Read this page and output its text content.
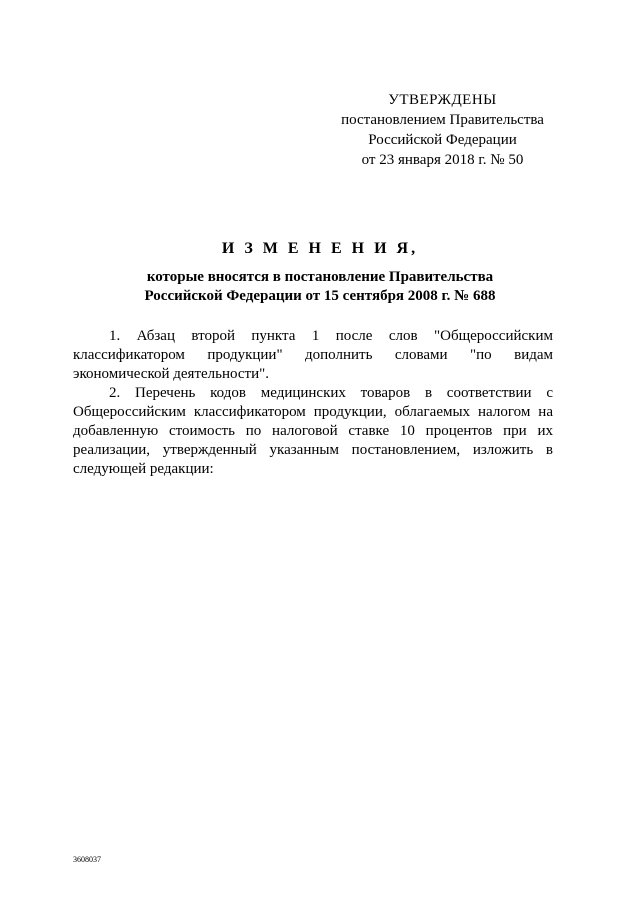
УТВЕРЖДЕНЫ
постановлением Правительства
Российской Федерации
от 23 января 2018 г. № 50
И З М Е Н Е Н И Я,
которые вносятся в постановление Правительства
Российской Федерации от 15 сентября 2008 г. № 688

1. Абзац второй пункта 1 после слов "Общероссийским классификатором продукции" дополнить словами "по видам экономической деятельности".

2. Перечень кодов медицинских товаров в соответствии с Общероссийским классификатором продукции, облагаемых налогом на добавленную стоимость по налоговой ставке 10 процентов при их реализации, утвержденный указанным постановлением, изложить в следующей редакции:

3608037
